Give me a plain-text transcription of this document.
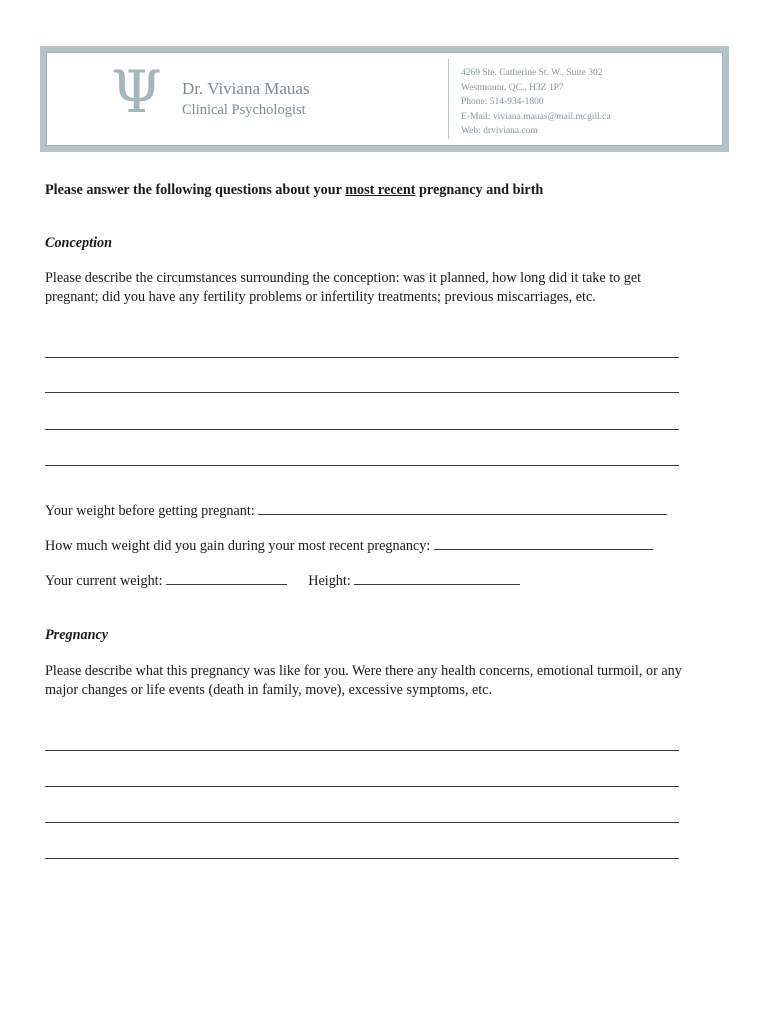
Ψ Dr. Viviana Mauas
Clinical Psychologist
4269 Ste. Catherine St. W., Suite 302
Westmount, QC., H3Z 1P7
Phone: 514-934-1800
E-Mail: viviana.mauas@mail.mcgill.ca
Web: drviviana.com
Please answer the following questions about your most recent pregnancy and birth
Conception
Please describe the circumstances surrounding the conception: was it planned, how long did it take to get
pregnant; did you have any fertility problems or infertility treatments; previous miscarriages, etc.
Your weight before getting pregnant:
How much weight did you gain during your most recent pregnancy:
Your current weight:	Height:
Pregnancy
Please describe what this pregnancy was like for you. Were there any health concerns, emotional turmoil, or any
major changes or life events (death in family, move), excessive symptoms, etc.
